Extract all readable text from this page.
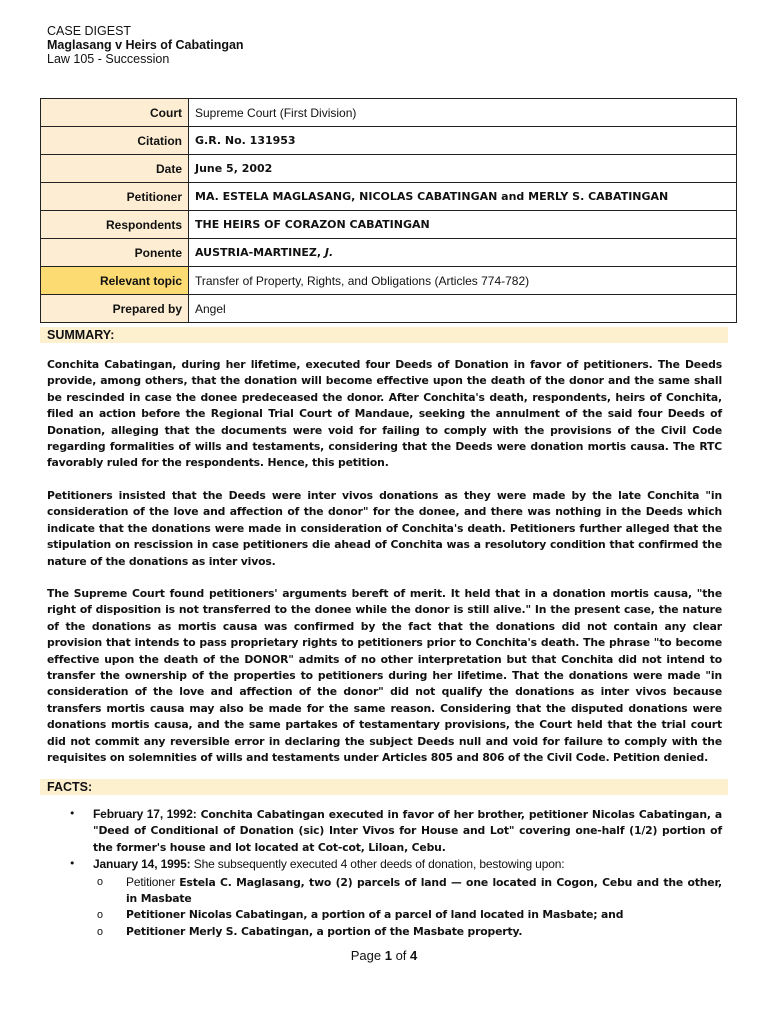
CASE DIGEST
Maglasang v Heirs of Cabatingan
Law 105 - Succession
Court	Supreme Court (First Division)
Citation	G.R. No. 131953
Date	June 5, 2002
Petitioner	MA. ESTELA MAGLASANG, NICOLAS CABATINGAN and MERLY S. CABATINGAN
Respondents	THE HEIRS OF CORAZON CABATINGAN
Ponente	AUSTRIA-MARTINEZ, J.
Relevant topic	Transfer of Property, Rights, and Obligations (Articles 774-782)
Prepared by	Angel
SUMMARY:
Conchita Cabatingan, during her lifetime, executed four Deeds of Donation in favor of petitioners. The Deeds provide, among others, that the donation will become effective upon the death of the donor and the same shall be rescinded in case the donee predeceased the donor. After Conchita's death, respondents, heirs of Conchita, filed an action before the Regional Trial Court of Mandaue, seeking the annulment of the said four Deeds of Donation, alleging that the documents were void for failing to comply with the provisions of the Civil Code regarding formalities of wills and testaments, considering that the Deeds were donation mortis causa. The RTC favorably ruled for the respondents. Hence, this petition.
Petitioners insisted that the Deeds were inter vivos donations as they were made by the late Conchita "in consideration of the love and affection of the donor" for the donee, and there was nothing in the Deeds which indicate that the donations were made in consideration of Conchita's death. Petitioners further alleged that the stipulation on rescission in case petitioners die ahead of Conchita was a resolutory condition that confirmed the nature of the donations as inter vivos.
The Supreme Court found petitioners' arguments bereft of merit. It held that in a donation mortis causa, "the right of disposition is not transferred to the donee while the donor is still alive." In the present case, the nature of the donations as mortis causa was confirmed by the fact that the donations did not contain any clear provision that intends to pass proprietary rights to petitioners prior to Conchita's death. The phrase "to become effective upon the death of the DONOR" admits of no other interpretation but that Conchita did not intend to transfer the ownership of the properties to petitioners during her lifetime. That the donations were made "in consideration of the love and affection of the donor" did not qualify the donations as inter vivos because transfers mortis causa may also be made for the same reason. Considering that the disputed donations were donations mortis causa, and the same partakes of testamentary provisions, the Court held that the trial court did not commit any reversible error in declaring the subject Deeds null and void for failure to comply with the requisites on solemnities of wills and testaments under Articles 805 and 806 of the Civil Code. Petition denied.
FACTS:
• February 17, 1992: Conchita Cabatingan executed in favor of her brother, petitioner Nicolas Cabatingan, a "Deed of Conditional of Donation (sic) Inter Vivos for House and Lot" covering one-half (1/2) portion of the former's house and lot located at Cot-cot, Liloan, Cebu.
• January 14, 1995: She subsequently executed 4 other deeds of donation, bestowing upon:
o Petitioner Estela C. Maglasang, two (2) parcels of land — one located in Cogon, Cebu and the other, in Masbate
o Petitioner Nicolas Cabatingan, a portion of a parcel of land located in Masbate; and
o Petitioner Merly S. Cabatingan, a portion of the Masbate property.
Page 1 of 4
